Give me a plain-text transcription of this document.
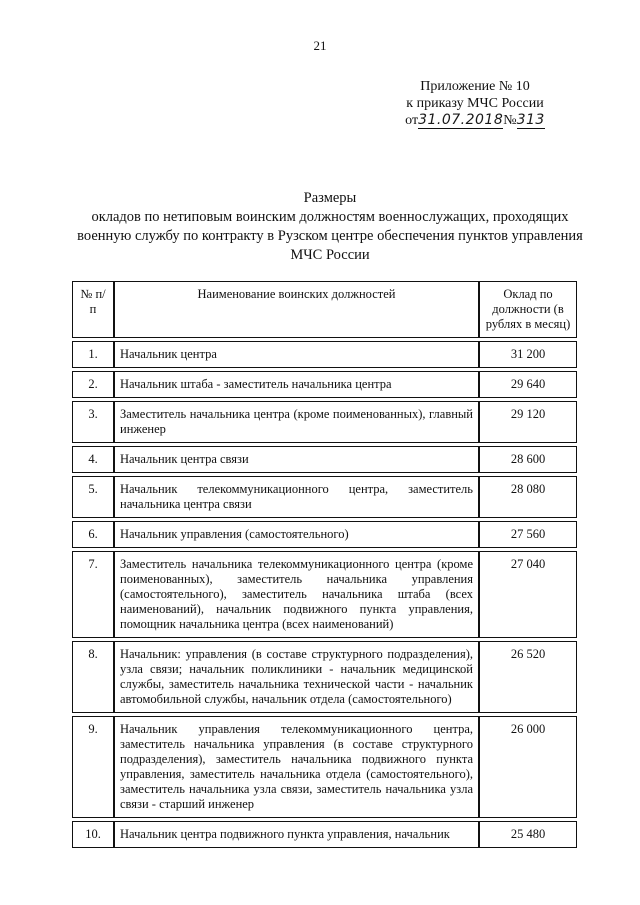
21
Приложение № 10
к приказу МЧС России
от31.07.2018№313
Размеры
окладов по нетиповым воинским должностям военнослужащих, проходящих
военную службу по контракту в Рузском центре обеспечения пунктов управления
МЧС России
№ п/п	Наименование воинских должностей	Оклад по должности (в рублях в месяц)
1.	Начальник центра	31 200
2.	Начальник штаба - заместитель начальника центра	29 640
3.	Заместитель начальника центра (кроме поименованных), главный инженер	29 120
4.	Начальник центра связи	28 600
5.	Начальник телекоммуникационного центра, заместитель начальника центра связи	28 080
6.	Начальник управления (самостоятельного)	27 560
7.	Заместитель начальника телекоммуникационного центра (кроме поименованных), заместитель начальника управления (самостоятельного), заместитель начальника штаба (всех наименований), начальник подвижного пункта управления, помощник начальника центра (всех наименований)	27 040
8.	Начальник: управления (в составе структурного подразделения), узла связи; начальник поликлиники - начальник медицинской службы, заместитель начальника технической части - начальник автомобильной службы, начальник отдела (самостоятельного)	26 520
9.	Начальник управления телекоммуникационного центра, заместитель начальника управления (в составе структурного подразделения), заместитель начальника подвижного пункта управления, заместитель начальника отдела (самостоятельного), заместитель начальника узла связи, заместитель начальника узла связи - старший инженер	26 000
10.	Начальник центра подвижного пункта управления, начальник	25 480
